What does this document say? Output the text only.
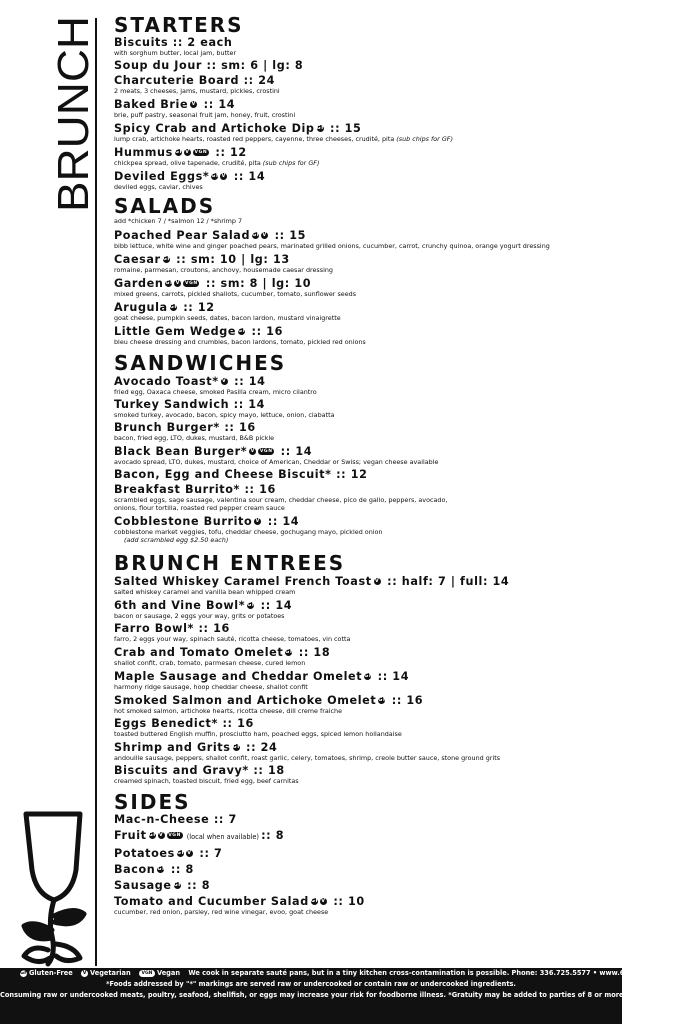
BRUNCH STARTERS
Biscuits :: 2 each
with sorghum butter, local jam, butter
Soup du Jour :: sm: 6 | lg: 8
Charcuterie Board :: 24
2 meats, 3 cheeses, jams, mustard, pickles, crostini
Baked Brie V :: 14
brie, puff pastry, seasonal fruit jam, honey, fruit, crostini
Spicy Crab and Artichoke Dip GF :: 15
lump crab, artichoke hearts, roasted red peppers, cayenne, three cheeses, crudité, pita (sub chips for GF)
Hummus GF V VGN :: 12
chickpea spread, olive tapenade, crudité, pita (sub chips for GF)
Deviled Eggs* GF V :: 14
deviled eggs, caviar, chives
SALADS
add *chicken 7 / *salmon 12 / *shrimp 7
Poached Pear Salad GF V :: 15
bibb lettuce, white wine and ginger poached pears, marinated grilled onions, cucumber, carrot, crunchy quinoa, orange yogurt dressing
Caesar GF :: sm: 10 | lg: 13
romaine, parmesan, croutons, anchovy, housemade caesar dressing
Garden GF V VGN :: sm: 8 | lg: 10
mixed greens, carrots, pickled shallots, cucumber, tomato, sunflower seeds
Arugula GF :: 12
goat cheese, pumpkin seeds, dates, bacon lardon, mustard vinaigrette
Little Gem Wedge GF :: 16
bleu cheese dressing and crumbles, bacon lardons, tomato, pickled red onions
SANDWICHES
Avocado Toast* V :: 14
fried egg, Oaxaca cheese, smoked Pasilla cream, micro cilantro
Turkey Sandwich :: 14
smoked turkey, avocado, bacon, spicy mayo, lettuce, onion, ciabatta
Brunch Burger* :: 16
bacon, fried egg, LTO, dukes, mustard, B&B pickle
Black Bean Burger* V VGN :: 14
avocado spread, LTO, dukes, mustard, choice of American, Cheddar or Swiss; vegan cheese available
Bacon, Egg and Cheese Biscuit* :: 12
Breakfast Burrito* :: 16
scrambled eggs, sage sausage, valentina sour cream, cheddar cheese, pico de gallo, peppers, avocado,
onions, flour tortilla, roasted red pepper cream sauce
Cobblestone Burrito V :: 14
cobblestone market veggies, tofu, cheddar cheese, gochugang mayo, pickled onion
(add scrambled egg $2.50 each)
BRUNCH ENTREES
Salted Whiskey Caramel French Toast V :: half: 7 | full: 14
salted whiskey caramel and vanilla bean whipped cream
6th and Vine Bowl* GF :: 14
bacon or sausage, 2 eggs your way, grits or potatoes
Farro Bowl* :: 16
farro, 2 eggs your way, spinach sauté, ricotta cheese, tomatoes, vin cotta
Crab and Tomato Omelet GF :: 18
shallot confit, crab, tomato, parmesan cheese, cured lemon
Maple Sausage and Cheddar Omelet GF :: 14
harmony ridge sausage, hoop cheddar cheese, shallot confit
Smoked Salmon and Artichoke Omelet GF :: 16
hot smoked salmon, artichoke hearts, ricotta cheese, dill creme fraiche
Eggs Benedict* :: 16
toasted buttered English muffin, prosciutto ham, poached eggs, spiced lemon hollandaise
Shrimp and Grits GF :: 24
andouille sausage, peppers, shallot confit, roast garlic, celery, tomatoes, shrimp, creole butter sauce, stone ground grits
Biscuits and Gravy* :: 18
creamed spinach, toasted biscuit, fried egg, beef carnitas
SIDES
Mac-n-Cheese :: 7
Fruit GF V VGN (local when available) :: 8
Potatoes GF V :: 7
Bacon GF :: 8
Sausage GF :: 8
Tomato and Cucumber Salad GF V :: 10
cucumber, red onion, parsley, red wine vinegar, evoo, goat cheese
GFGluten-Free V Vegetarian VGN Vegan We cook in separate sauté pans, but in a tiny kitchen cross-contamination is possible. Phone: 336.725.5577 • www.6thandvine.com
*Foods addressed by "*" markings are served raw or undercooked or contain raw or undercooked ingredients.
Consuming raw or undercooked meats, poultry, seafood, shellfish, or eggs may increase your risk for foodborne illness. *Gratuity may be added to parties of 8 or more.
